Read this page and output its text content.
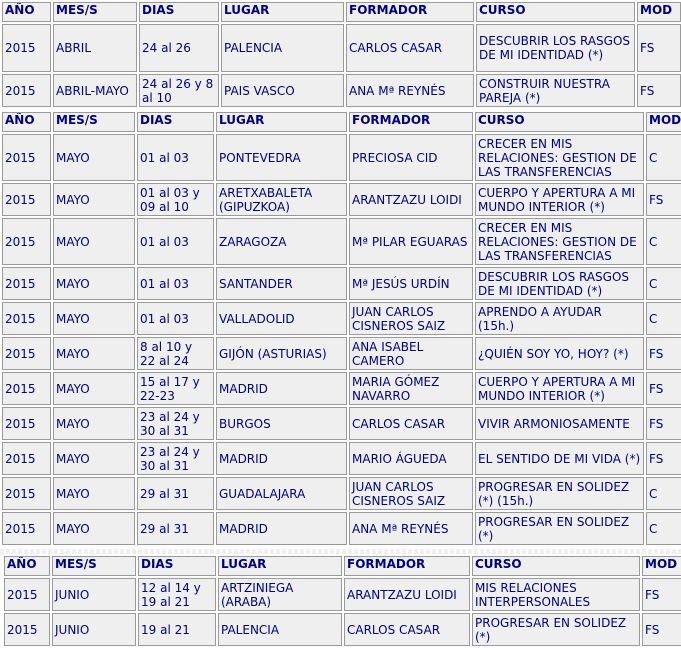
AÑO	MES/S	DIAS	LUGAR	FORMADOR	CURSO	MOD
2015	ABRIL	24 al 26	PALENCIA	CARLOS CASAR	DESCUBRIR LOS RASGOS DE MI IDENTIDAD (*)	FS
2015	ABRIL-MAYO	24 al 26 y 8 al 10	PAIS VASCO	ANA Mª REYNÉS	CONSTRUIR NUESTRA PAREJA (*)	FS
AÑO	MES/S	DIAS	LUGAR	FORMADOR	CURSO	MOD
2015	MAYO	01 al 03	PONTEVEDRA	PRECIOSA CID	CRECER EN MIS RELACIONES: GESTION DE LAS TRANSFERENCIAS	C
2015	MAYO	01 al 03 y 09 al 10	ARETXABALETA (GIPUZKOA)	ARANTZAZU LOIDI	CUERPO Y APERTURA A MI MUNDO INTERIOR (*)	FS
2015	MAYO	01 al 03	ZARAGOZA	Mª PILAR EGUARAS	CRECER EN MIS RELACIONES: GESTION DE LAS TRANSFERENCIAS	C
2015	MAYO	01 al 03	SANTANDER	Mª JESÚS URDÍN	DESCUBRIR LOS RASGOS DE MI IDENTIDAD (*)	C
2015	MAYO	01 al 03	VALLADOLID	JUAN CARLOS CISNEROS SAIZ	APRENDO A AYUDAR (15h.)	C
2015	MAYO	8 al 10 y 22 al 24	GIJÓN (ASTURIAS)	ANA ISABEL CAMERO	¿QUIÉN SOY YO, HOY? (*)	FS
2015	MAYO	15 al 17 y 22-23	MADRID	MARIA GÓMEZ NAVARRO	CUERPO Y APERTURA A MI MUNDO INTERIOR (*)	FS
2015	MAYO	23 al 24 y 30 al 31	BURGOS	CARLOS CASAR	VIVIR ARMONIOSAMENTE	FS
2015	MAYO	23 al 24 y 30 al 31	MADRID	MARIO ÁGUEDA	EL SENTIDO DE MI VIDA (*)	FS
2015	MAYO	29 al 31	GUADALAJARA	JUAN CARLOS CISNEROS SAIZ	PROGRESAR EN SOLIDEZ (*) (15h.)	C
2015	MAYO	29 al 31	MADRID	ANA Mª REYNÉS	PROGRESAR EN SOLIDEZ (*)	C
AÑO	MES/S	DIAS	LUGAR	FORMADOR	CURSO	MOD
2015	JUNIO	12 al 14 y 19 al 21	ARTZINIEGA (ARABA)	ARANTZAZU LOIDI	MIS RELACIONES INTERPERSONALES	FS
2015	JUNIO	19 al 21	PALENCIA	CARLOS CASAR	PROGRESAR EN SOLIDEZ (*)	FS
